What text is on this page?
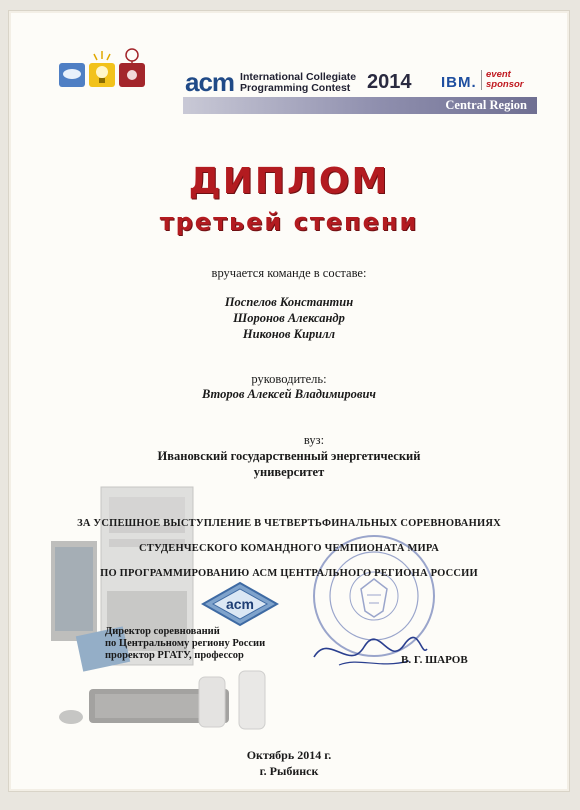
acm International Collegiate
Programming Contest 2014 IBM. event
sponsor
Central Region
ДИПЛОМ
третьей степени
вручается команде в составе:
Поспелов Константин
Шоронов Александр
Никонов Кирилл
руководитель:
Второв Алексей Владимирович
вуз:
Ивановский государственный энергетический
университет
ЗА УСПЕШНОЕ ВЫСТУПЛЕНИЕ В ЧЕТВЕРТЬФИНАЛЬНЫХ СОРЕВНОВАНИЯХ
СТУДЕНЧЕСКОГО КОМАНДНОГО ЧЕМПИОНАТА МИРА
ПО ПРОГРАММИРОВАНИЮ АСМ ЦЕНТРАЛЬНОГО РЕГИОНА РОССИИ
acm
Директор соревнований
по Центральному региону России
проректор РГАТУ, профессор	В. Г. ШАРОВ
Октябрь 2014 г.
г. Рыбинск
